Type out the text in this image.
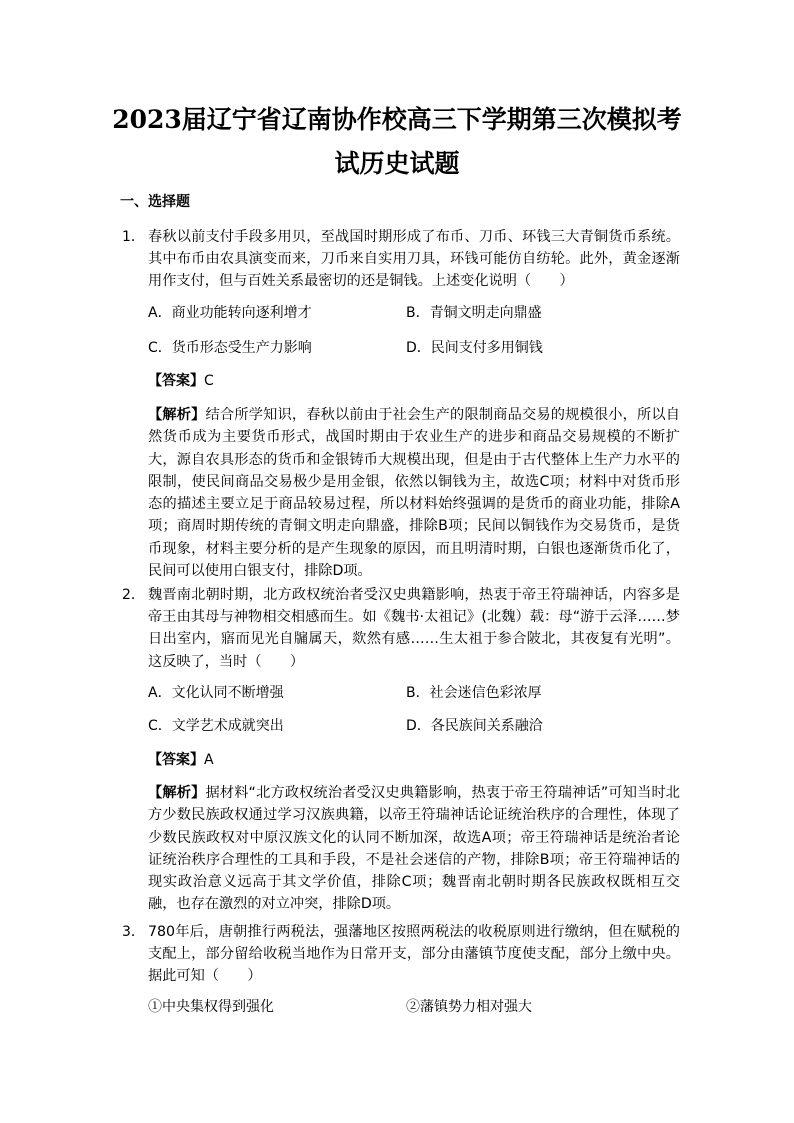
2023届辽宁省辽南协作校高三下学期第三次模拟考
试历史试题
一、选择题
1． 春秋以前支付手段多用贝，至战国时期形成了布币、刀币、环钱三大青铜货币系统。其中布币由农具演变而来，刀币来自实用刀具，环钱可能仿自纺轮。此外，黄金逐渐用作支付，但与百姓关系最密切的还是铜钱。上述变化说明（　　）
A．商业功能转向逐利增才	B．青铜文明走向鼎盛
C．货币形态受生产力影响	D．民间支付多用铜钱
【答案】C
【解析】结合所学知识，春秋以前由于社会生产的限制商品交易的规模很小，所以自然货币成为主要货币形式，战国时期由于农业生产的进步和商品交易规模的不断扩大，源自农具形态的货币和金银铸币大规模出现，但是由于古代整体上生产力水平的限制，使民间商品交易极少是用金银，依然以铜钱为主，故选C项；材料中对货币形态的描述主要立足于商品较易过程，所以材料始终强调的是货币的商业功能，排除A项；商周时期传统的青铜文明走向鼎盛，排除B项；民间以铜钱作为交易货币，是货币现象，材料主要分析的是产生现象的原因，而且明清时期，白银也逐渐货币化了，民间可以使用白银支付，排除D项。
2． 魏晋南北朝时期，北方政权统治者受汉史典籍影响，热衷于帝王符瑞神话，内容多是帝王由其母与神物相交相感而生。如《魏书·太祖记》(北魏）载：母“游于云泽……梦日出室内，寤而见光自牖属天，欻然有感……生太祖于参合陂北，其夜复有光明”。这反映了，当时（　　）
A．文化认同不断增强	B．社会迷信色彩浓厚
C．文学艺术成就突出	D．各民族间关系融洽
【答案】A
【解析】据材料“北方政权统治者受汉史典籍影响，热衷于帝王符瑞神话”可知当时北方少数民族政权通过学习汉族典籍，以帝王符瑞神话论证统治秩序的合理性，体现了少数民族政权对中原汉族文化的认同不断加深，故选A项；帝王符瑞神话是统治者论证统治秩序合理性的工具和手段，不是社会迷信的产物，排除B项；帝王符瑞神话的现实政治意义远高于其文学价值，排除C项；魏晋南北朝时期各民族政权既相互交融，也存在激烈的对立冲突，排除D项。
3． 780年后，唐朝推行两税法，强藩地区按照两税法的收税原则进行缴纳，但在赋税的支配上，部分留给收税当地作为日常开支，部分由藩镇节度使支配，部分上缴中央。据此可知（　　）
①中央集权得到强化	②藩镇势力相对强大
